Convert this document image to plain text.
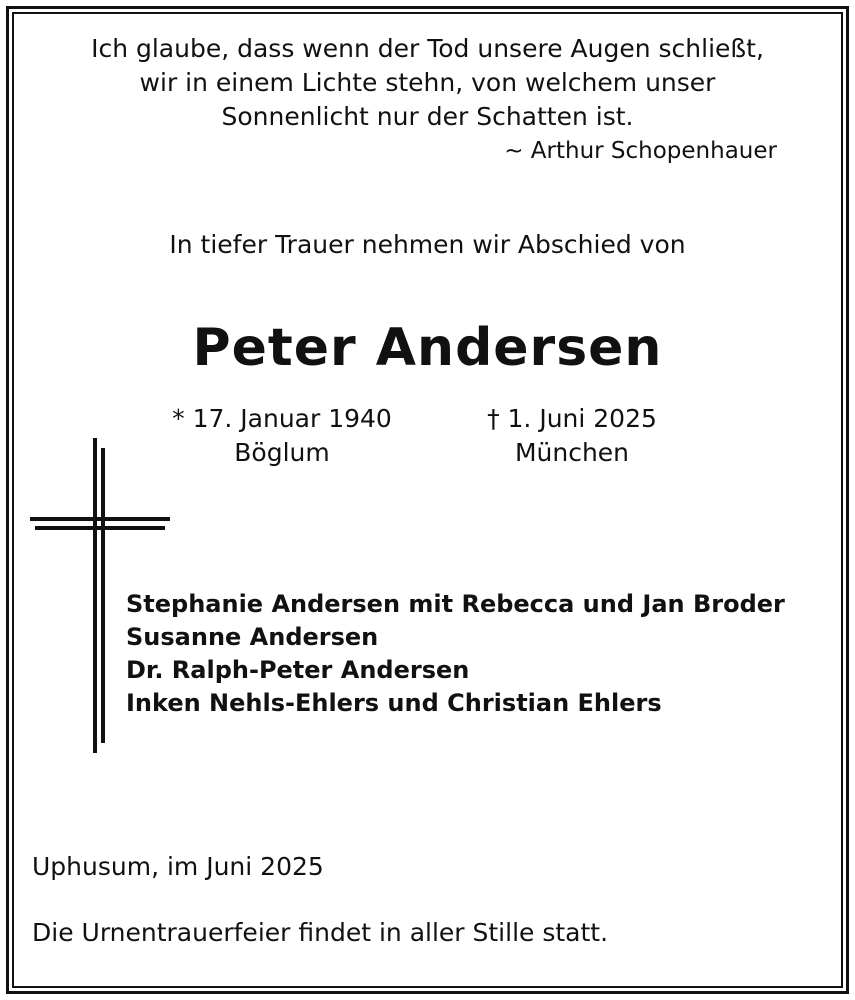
Ich glaube, dass wenn der Tod unsere Augen schließt,
wir in einem Lichte stehn, von welchem unser
Sonnenlicht nur der Schatten ist.
~ Arthur Schopenhauer
In tiefer Trauer nehmen wir Abschied von
Peter Andersen
* 17. Januar 1940
Böglum
† 1. Juni 2025
München
Stephanie Andersen mit Rebecca und Jan Broder
Susanne Andersen
Dr. Ralph-Peter Andersen
Inken Nehls-Ehlers und Christian Ehlers
Uphusum, im Juni 2025
Die Urnentrauerfeier findet in aller Stille statt.
